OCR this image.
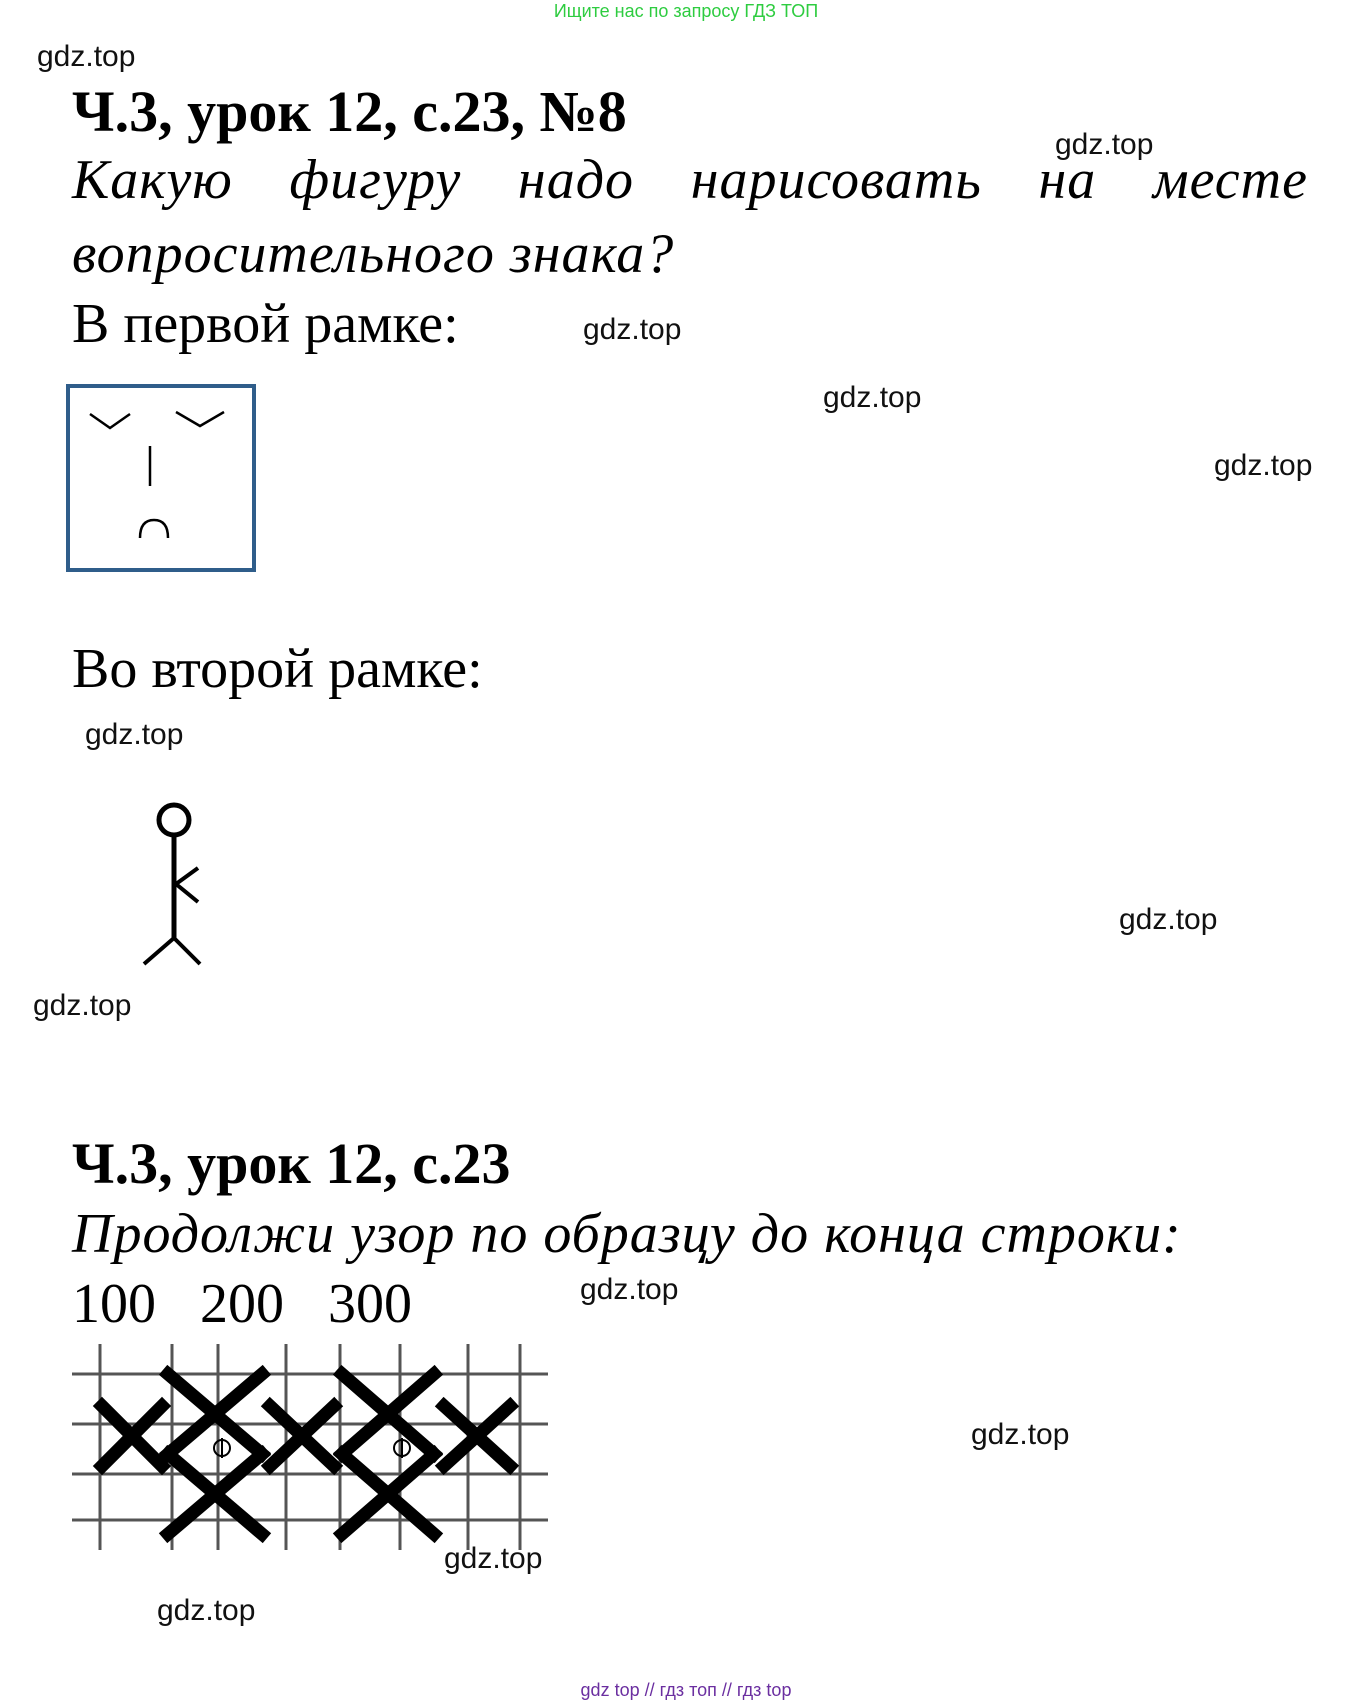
Ищите нас по запросу ГДЗ ТОП
gdz.top
gdz.top
gdz.top
gdz.top
gdz.top
gdz.top
gdz.top
gdz.top
gdz.top
gdz.top
gdz.top
gdz.top
Ч.3, урок 12, с.23, №8
Какую фигуру надо нарисовать на месте
вопросительного знака?
В первой рамке:
Во второй рамке:
Ч.3, урок 12, с.23
Продолжи узор по образцу до конца строки:
100 200 300
gdz top // гдз топ // гдз top
